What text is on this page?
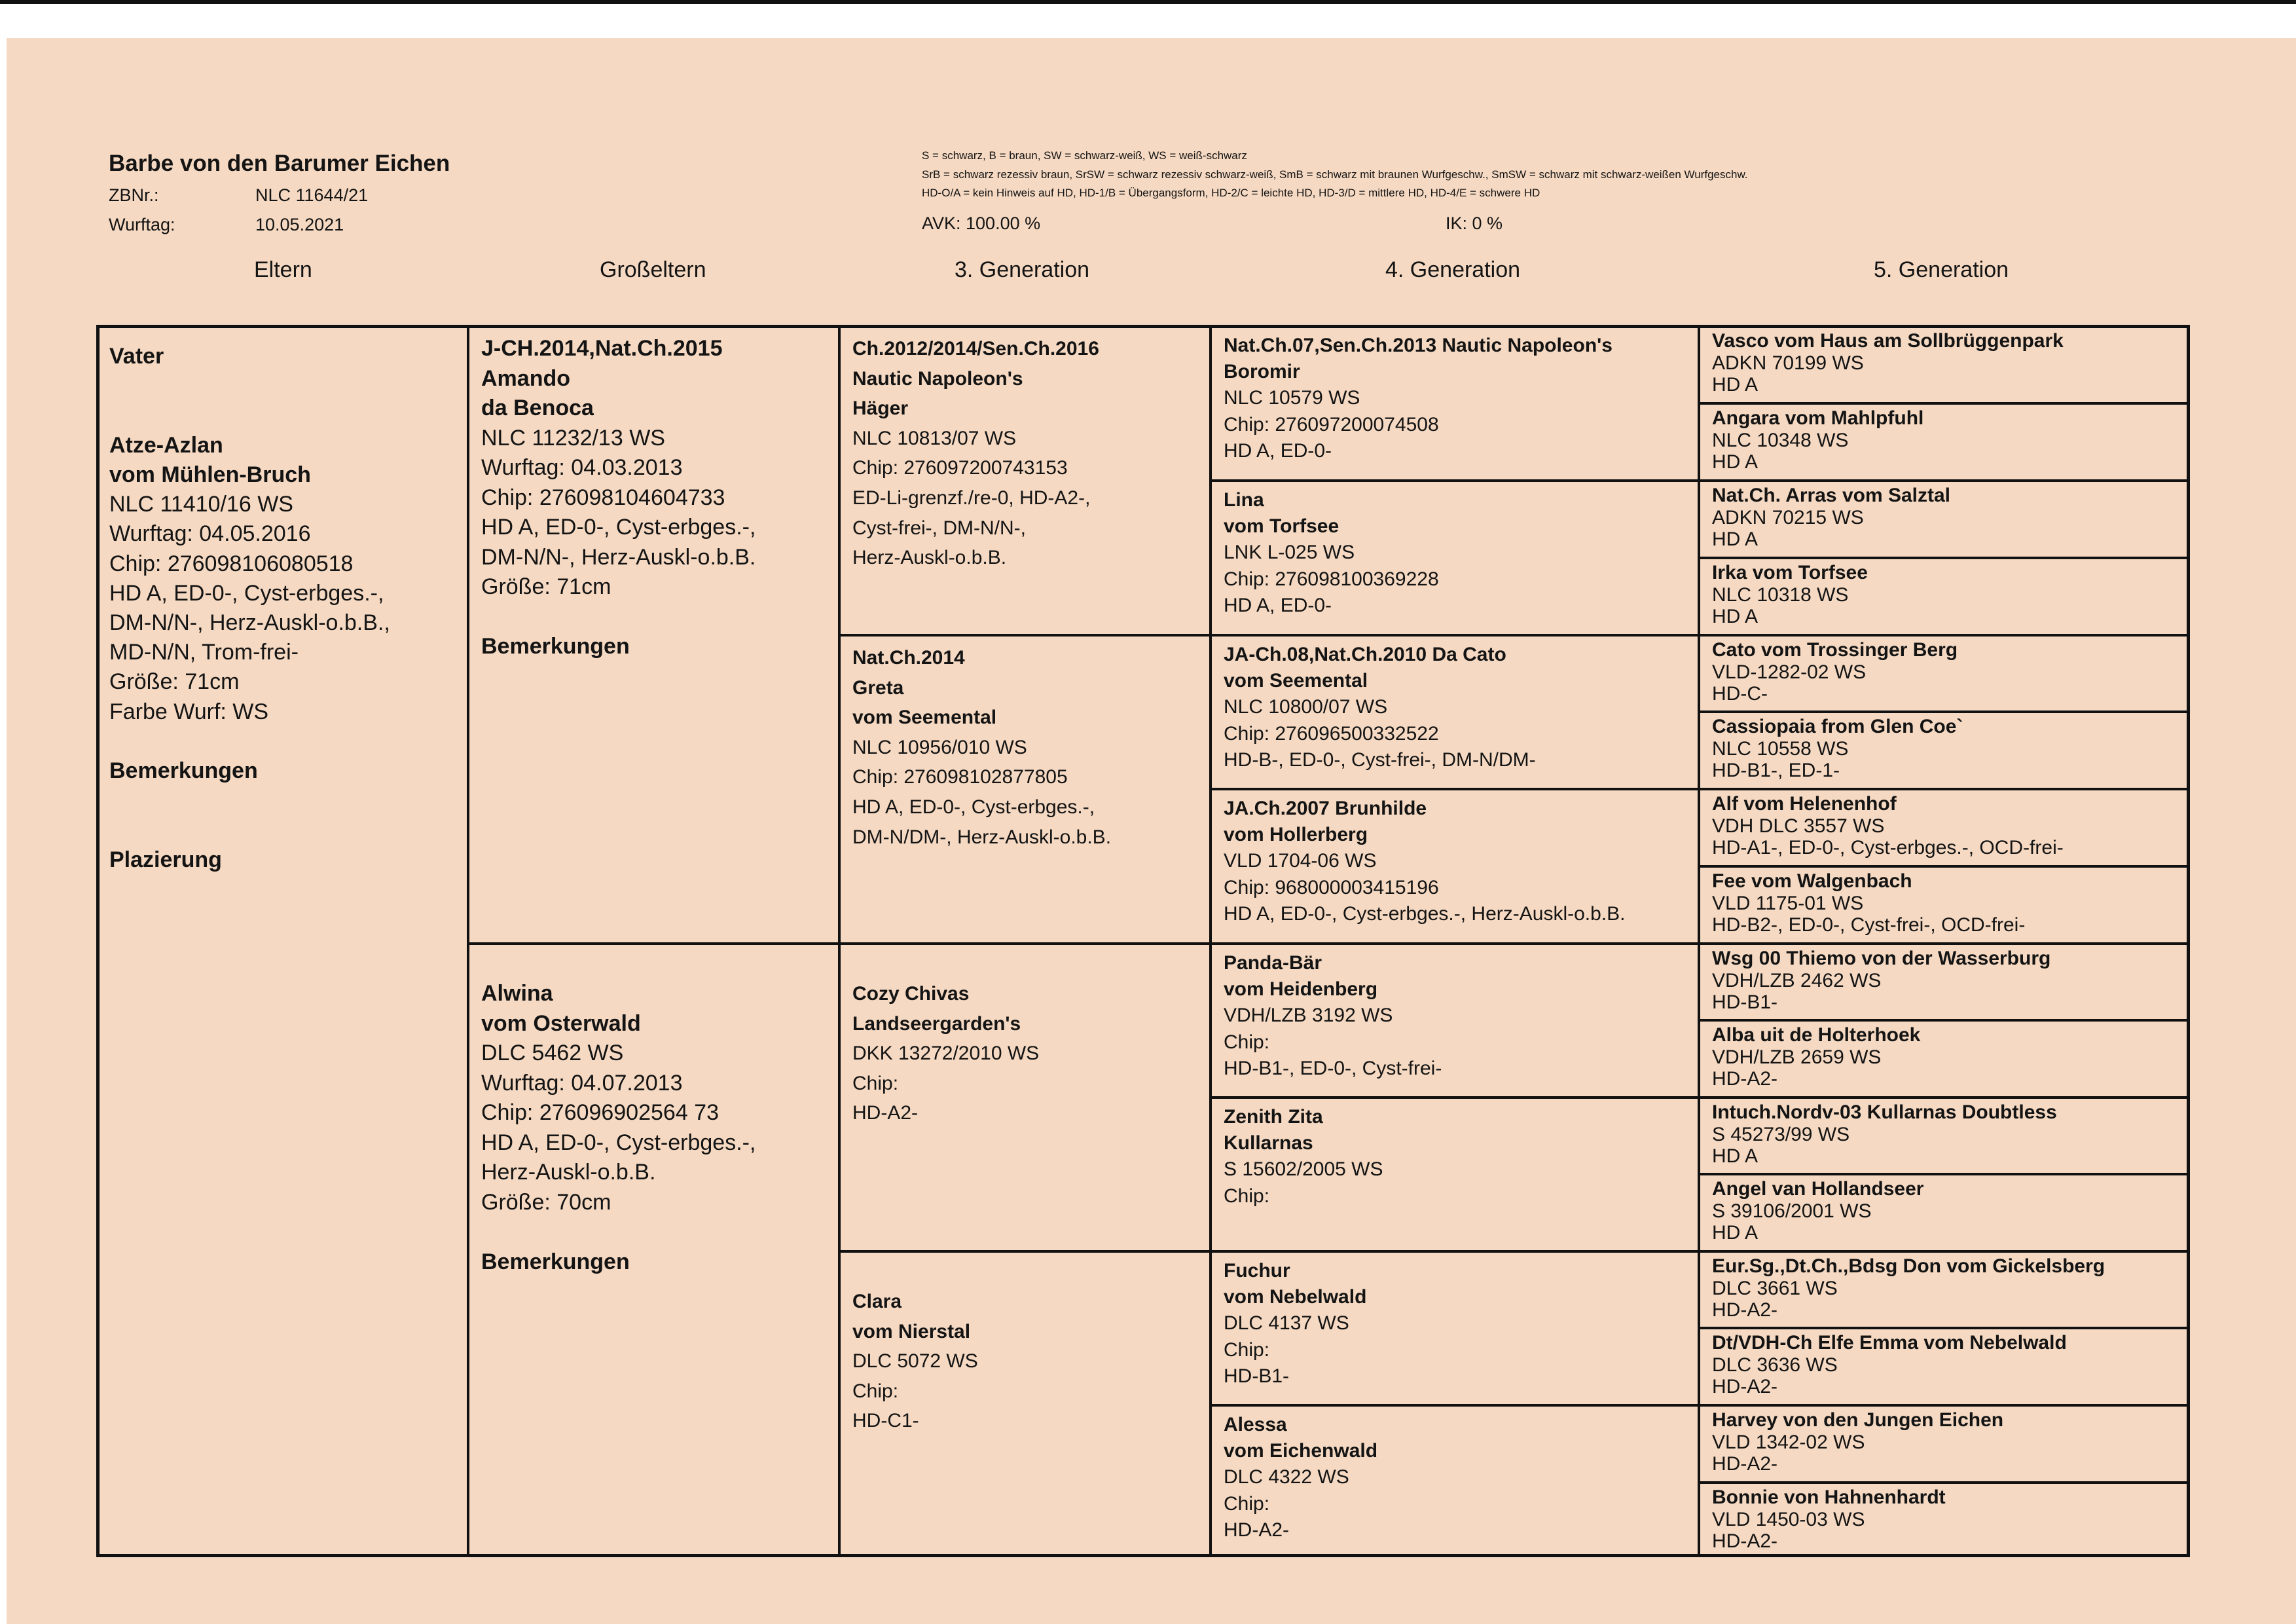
Barbe von den Barumer Eichen
ZBNr.:	NLC 11644/21
Wurftag:	10.05.2021
S = schwarz, B = braun, SW = schwarz-weiß, WS = weiß-schwarz
SrB = schwarz rezessiv braun, SrSW = schwarz rezessiv schwarz-weiß, SmB = schwarz mit braunen Wurfgeschw., SmSW = schwarz mit schwarz-weißen Wurfgeschw.
HD-O/A = kein Hinweis auf HD, HD-1/B = Übergangsform, HD-2/C = leichte HD, HD-3/D = mittlere HD, HD-4/E = schwere HD
AVK: 100.00 %	IK: 0 %
Eltern	Großeltern	3. Generation	4. Generation	5. Generation
Vater
Atze-Azlan
vom Mühlen-Bruch
NLC 11410/16 WS
Wurftag: 04.05.2016
Chip: 276098106080518
HD A, ED-0-, Cyst-erbges.-,
DM-N/N-, Herz-Auskl-o.b.B.,
MD-N/N, Trom-frei-
Größe: 71cm
Farbe Wurf: WS
Bemerkungen
Plazierung
J-CH.2014,Nat.Ch.2015
Amando
da Benoca
NLC 11232/13 WS
Wurftag: 04.03.2013
Chip: 276098104604733
HD A, ED-0-, Cyst-erbges.-,
DM-N/N-, Herz-Auskl-o.b.B.
Größe: 71cm
Bemerkungen
Alwina
vom Osterwald
DLC 5462 WS
Wurftag: 04.07.2013
Chip: 276096902564 73
HD A, ED-0-, Cyst-erbges.-,
Herz-Auskl-o.b.B.
Größe: 70cm
Bemerkungen
Ch.2012/2014/Sen.Ch.2016
Nautic Napoleon's
Häger
NLC 10813/07 WS
Chip: 276097200743153
ED-Li-grenzf./re-0, HD-A2-,
Cyst-frei-, DM-N/N-,
Herz-Auskl-o.b.B.
Nat.Ch.2014
Greta
vom Seemental
NLC 10956/010 WS
Chip: 276098102877805
HD A, ED-0-, Cyst-erbges.-,
DM-N/DM-, Herz-Auskl-o.b.B.
Cozy Chivas
Landseergarden's
DKK 13272/2010 WS
Chip:
HD-A2-
Clara
vom Nierstal
DLC 5072 WS
Chip:
HD-C1-
Nat.Ch.07,Sen.Ch.2013 Nautic Napoleon's
Boromir
NLC 10579 WS
Chip: 276097200074508
HD A, ED-0-
Lina
vom Torfsee
LNK L-025 WS
Chip: 276098100369228
HD A, ED-0-
JA-Ch.08,Nat.Ch.2010 Da Cato
vom Seemental
NLC 10800/07 WS
Chip: 276096500332522
HD-B-, ED-0-, Cyst-frei-, DM-N/DM-
JA.Ch.2007 Brunhilde
vom Hollerberg
VLD 1704-06 WS
Chip: 968000003415196
HD A, ED-0-, Cyst-erbges.-, Herz-Auskl-o.b.B.
Panda-Bär
vom Heidenberg
VDH/LZB 3192 WS
Chip:
HD-B1-, ED-0-, Cyst-frei-
Zenith Zita
Kullarnas
S 15602/2005 WS
Chip:
Fuchur
vom Nebelwald
DLC 4137 WS
Chip:
HD-B1-
Alessa
vom Eichenwald
DLC 4322 WS
Chip:
HD-A2-
Vasco vom Haus am Sollbrüggenpark
ADKN 70199 WS
HD A
Angara vom Mahlpfuhl
NLC 10348 WS
HD A
Nat.Ch. Arras vom Salztal
ADKN 70215 WS
HD A
Irka vom Torfsee
NLC 10318 WS
HD A
Cato vom Trossinger Berg
VLD-1282-02 WS
HD-C-
Cassiopaia from Glen Coe`
NLC 10558 WS
HD-B1-, ED-1-
Alf vom Helenenhof
VDH DLC 3557 WS
HD-A1-, ED-0-, Cyst-erbges.-, OCD-frei-
Fee vom Walgenbach
VLD 1175-01 WS
HD-B2-, ED-0-, Cyst-frei-, OCD-frei-
Wsg 00 Thiemo von der Wasserburg
VDH/LZB 2462 WS
HD-B1-
Alba uit de Holterhoek
VDH/LZB 2659 WS
HD-A2-
Intuch.Nordv-03 Kullarnas Doubtless
S 45273/99 WS
HD A
Angel van Hollandseer
S 39106/2001 WS
HD A
Eur.Sg.,Dt.Ch.,Bdsg Don vom Gickelsberg
DLC 3661 WS
HD-A2-
Dt/VDH-Ch Elfe Emma vom Nebelwald
DLC 3636 WS
HD-A2-
Harvey von den Jungen Eichen
VLD 1342-02 WS
HD-A2-
Bonnie von Hahnenhardt
VLD 1450-03 WS
HD-A2-
